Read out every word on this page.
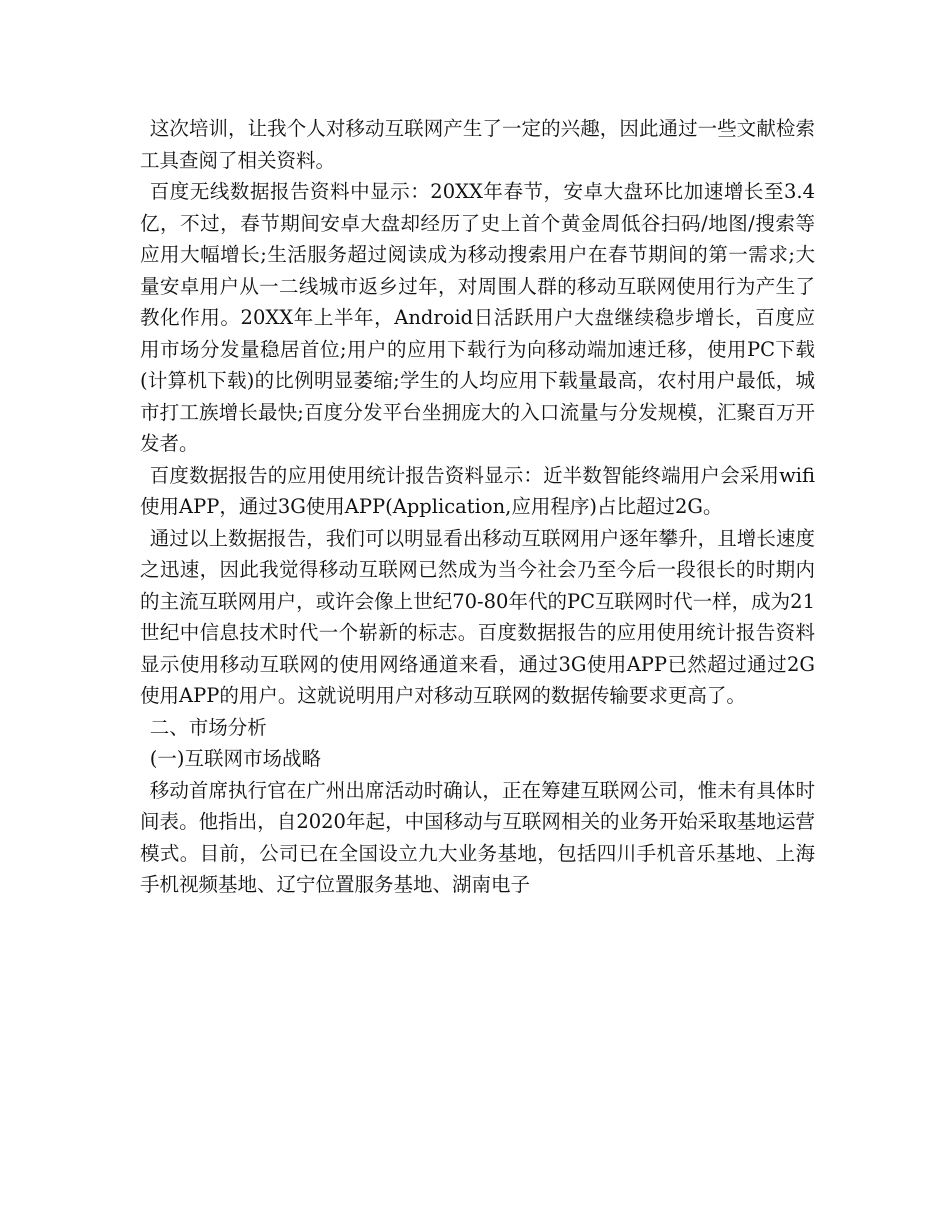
这次培训，让我个人对移动互联网产生了一定的兴趣，因此通过一些文献检索工具查阅了相关资料。

百度无线数据报告资料中显示：20XX年春节，安卓大盘环比加速增长至3.4亿，不过，春节期间安卓大盘却经历了史上首个黄金周低谷扫码/地图/搜索等应用大幅增长;生活服务超过阅读成为移动搜索用户在春节期间的第一需求;大量安卓用户从一二线城市返乡过年，对周围人群的移动互联网使用行为产生了教化作用。20XX年上半年，Android日活跃用户大盘继续稳步增长，百度应用市场分发量稳居首位;用户的应用下载行为向移动端加速迁移，使用PC下载(计算机下载)的比例明显萎缩;学生的人均应用下载量最高，农村用户最低，城市打工族增长最快;百度分发平台坐拥庞大的入口流量与分发规模，汇聚百万开发者。

百度数据报告的应用使用统计报告资料显示：近半数智能终端用户会采用wifi使用APP，通过3G使用APP(Application,应用程序)占比超过2G。

通过以上数据报告，我们可以明显看出移动互联网用户逐年攀升，且增长速度之迅速，因此我觉得移动互联网已然成为当今社会乃至今后一段很长的时期内的主流互联网用户，或许会像上世纪70-80年代的PC互联网时代一样，成为21世纪中信息技术时代一个崭新的标志。百度数据报告的应用使用统计报告资料显示使用移动互联网的使用网络通道来看，通过3G使用APP已然超过通过2G使用APP的用户。这就说明用户对移动互联网的数据传输要求更高了。

二、市场分析

(一)互联网市场战略

移动首席执行官在广州出席活动时确认，正在筹建互联网公司，惟未有具体时间表。他指出，自2020年起，中国移动与互联网相关的业务开始采取基地运营模式。目前，公司已在全国设立九大业务基地，包括四川手机音乐基地、上海手机视频基地、辽宁位置服务基地、湖南电子
